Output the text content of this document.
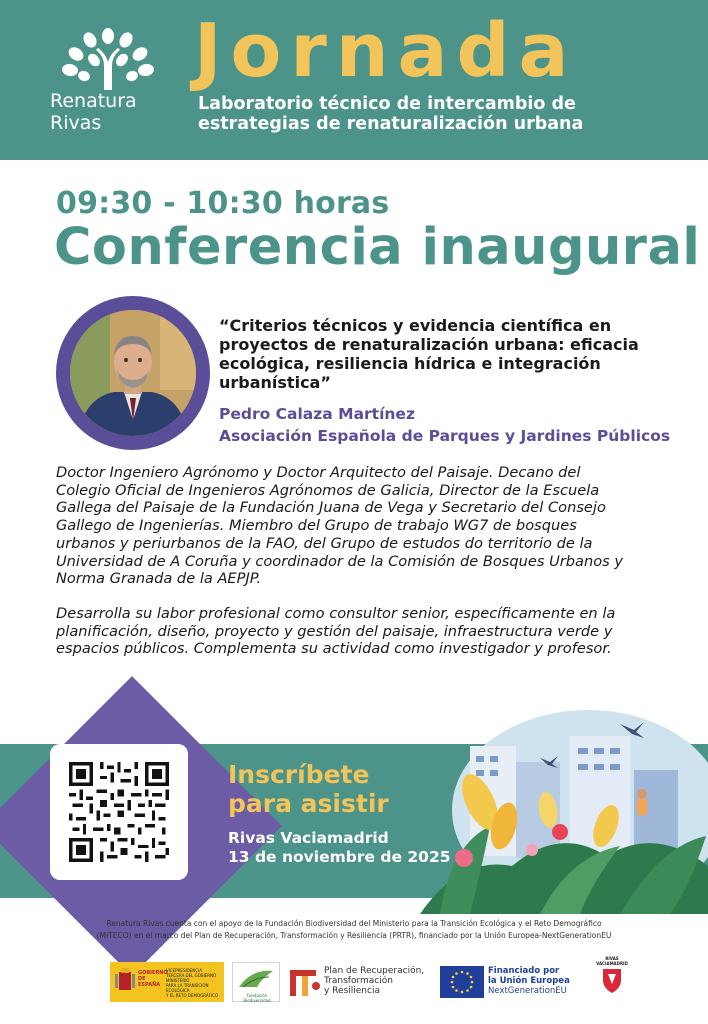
Renatura
Rivas
Jornada
Laboratorio técnico de intercambio de
estrategias de renaturalización urbana
09:30 - 10:30 horas
Conferencia inaugural
“Criterios técnicos y evidencia científica en
proyectos de renaturalización urbana: eficacia
ecológica, resiliencia hídrica e integración
urbanística”
Pedro Calaza Martínez
Asociación Española de Parques y Jardines Públicos
Doctor Ingeniero Agrónomo y Doctor Arquitecto del Paisaje. Decano del
Colegio Oficial de Ingenieros Agrónomos de Galicia, Director de la Escuela
Gallega del Paisaje de la Fundación Juana de Vega y Secretario del Consejo
Gallego de Ingenierías. Miembro del Grupo de trabajo WG7 de bosques
urbanos y periurbanos de la FAO, del Grupo de estudos do territorio de la
Universidad de A Coruña y coordinador de la Comisión de Bosques Urbanos y
Norma Granada de la AEPJP.
Desarrolla su labor profesional como consultor senior, específicamente en la
planificación, diseño, proyecto y gestión del paisaje, infraestructura verde y
espacios públicos. Complementa su actividad como investigador y profesor.
Inscríbete
para asistir
Rivas Vaciamadrid
13 de noviembre de 2025
Renatura Rivas cuenta con el apoyo de la Fundación Biodiversidad del Ministerio para la Transición Ecológica y el Reto Demográfico
(MITECO) en el marco del Plan de Recuperación, Transformación y Resiliencia (PRTR), financiado por la Unión Europea-NextGenerationEU
GOBIERNO
DE ESPAÑA
VICEPRESIDENCIA
TERCERA DEL GOBIERNO
MINISTERIO
PARA LA TRANSICIÓN ECOLÓGICA
Y EL RETO DEMOGRÁFICO	Fundación Biodiversidad
Plan de Recuperación,
Transformación
y Resiliencia
Financiado por
la Unión Europea
NextGenerationEU
RIVAS
VACIAMADRID
